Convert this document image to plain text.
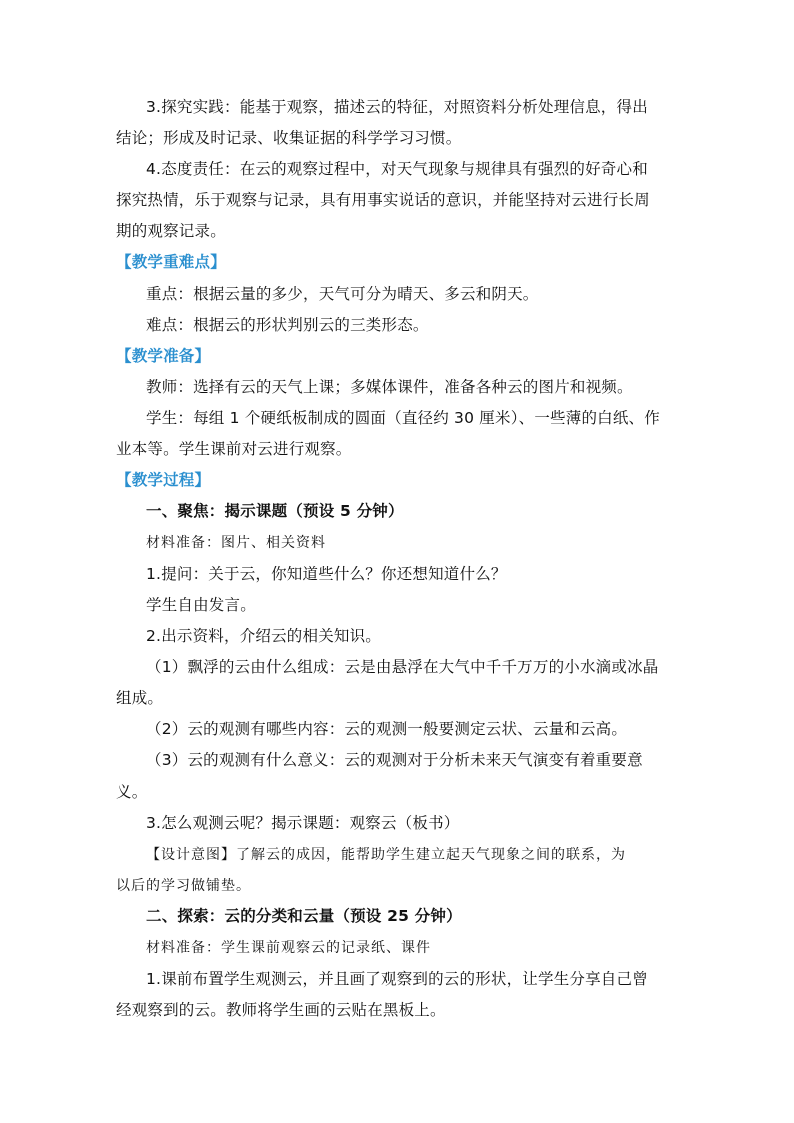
3.探究实践：能基于观察，描述云的特征，对照资料分析处理信息，得出
结论；形成及时记录、收集证据的科学学习习惯。
4.态度责任：在云的观察过程中，对天气现象与规律具有强烈的好奇心和
探究热情，乐于观察与记录，具有用事实说话的意识，并能坚持对云进行长周
期的观察记录。
【教学重难点】
重点：根据云量的多少，天气可分为晴天、多云和阴天。
难点：根据云的形状判别云的三类形态。
【教学准备】
教师：选择有云的天气上课；多媒体课件，准备各种云的图片和视频。
学生：每组 1 个硬纸板制成的圆面（直径约 30 厘米）、一些薄的白纸、作
业本等。学生课前对云进行观察。
【教学过程】
一、聚焦：揭示课题（预设 5 分钟）
材料准备：图片、相关资料
1.提问：关于云，你知道些什么？你还想知道什么？
学生自由发言。
2.出示资料，介绍云的相关知识。
（1）飘浮的云由什么组成：云是由悬浮在大气中千千万万的小水滴或冰晶
组成。
（2）云的观测有哪些内容：云的观测一般要测定云状、云量和云高。
（3）云的观测有什么意义：云的观测对于分析未来天气演变有着重要意
义。
3.怎么观测云呢？揭示课题：观察云（板书）
【设计意图】了解云的成因，能帮助学生建立起天气现象之间的联系，为
以后的学习做铺垫。
二、探索：云的分类和云量（预设 25 分钟）
材料准备：学生课前观察云的记录纸、课件
1.课前布置学生观测云，并且画了观察到的云的形状，让学生分享自己曾
经观察到的云。教师将学生画的云贴在黑板上。
